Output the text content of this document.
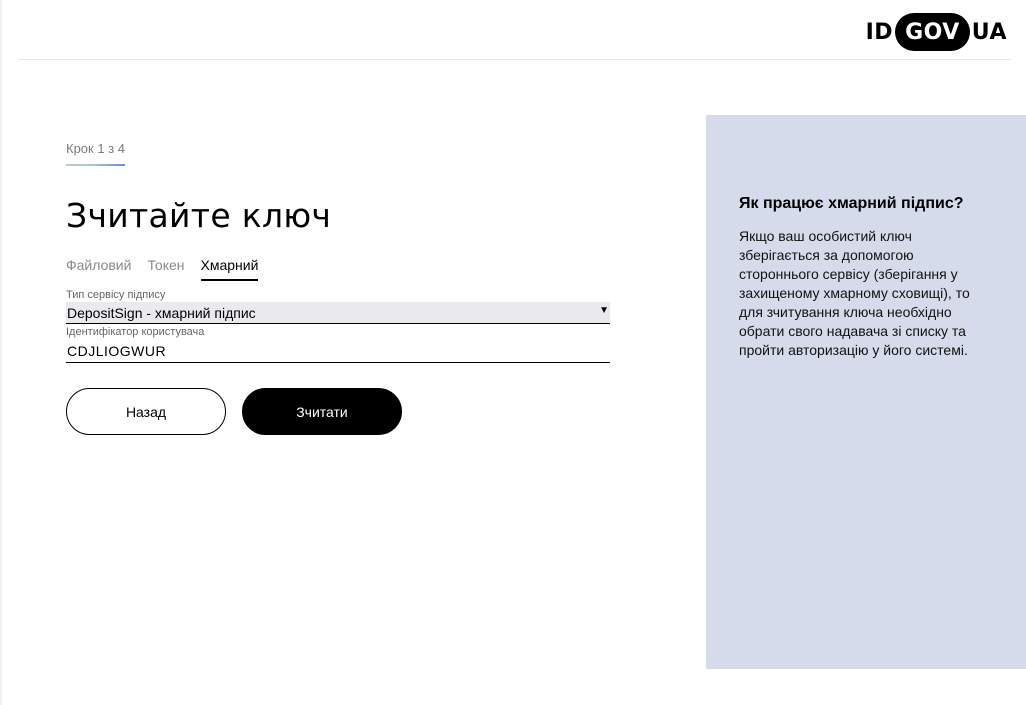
ID GOV UA
Крок 1 з 4
Зчитайте ключ
Файловий Токен Хмарний
Тип сервісу підпису
DepositSign - хмарний підпис	▼
Ідентифікатор користувача
CDJLIOGWUR
Назад	Зчитати
Як працює хмарний підпис?
Якщо ваш особистий ключ зберігається за допомогою стороннього сервісу (зберігання у захищеному хмарному сховищі), то для зчитування ключа необхідно обрати свого надавача зі списку та пройти авторизацію у його системі.
